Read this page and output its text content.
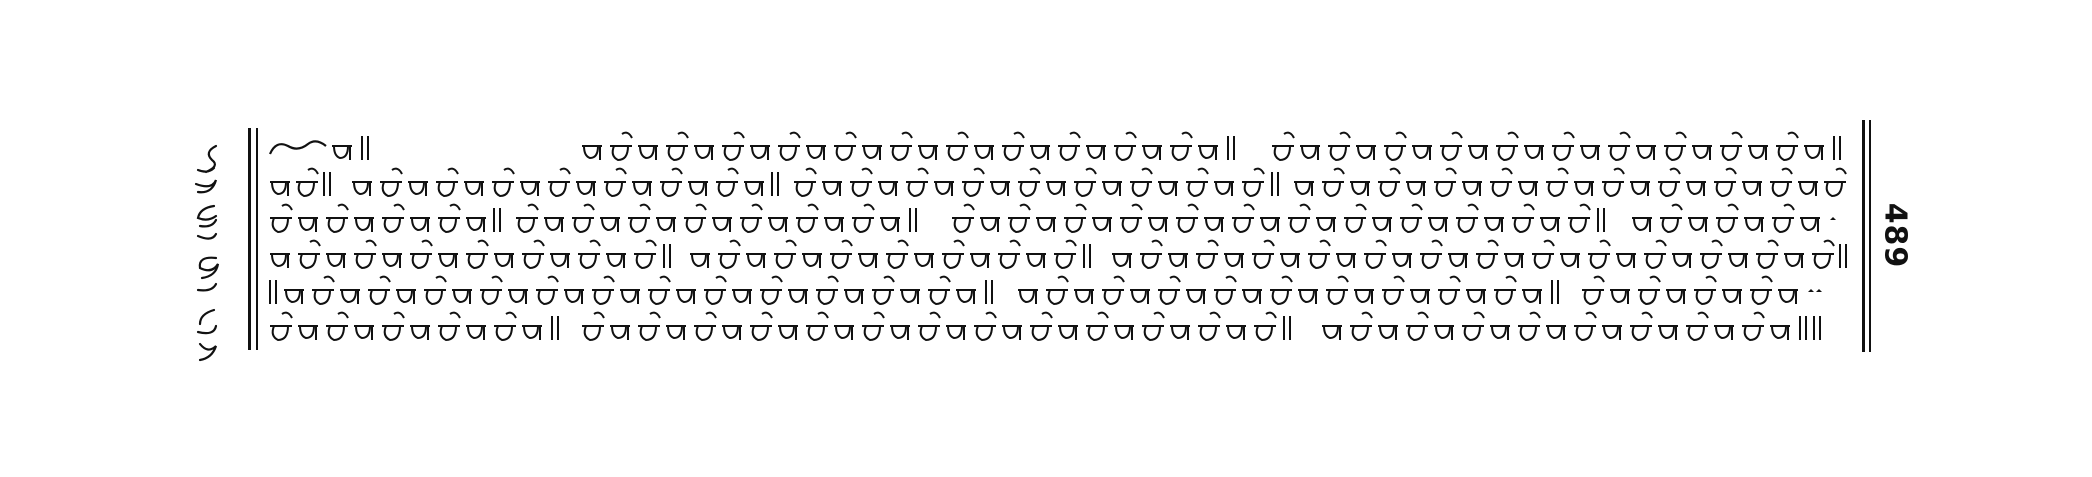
489
